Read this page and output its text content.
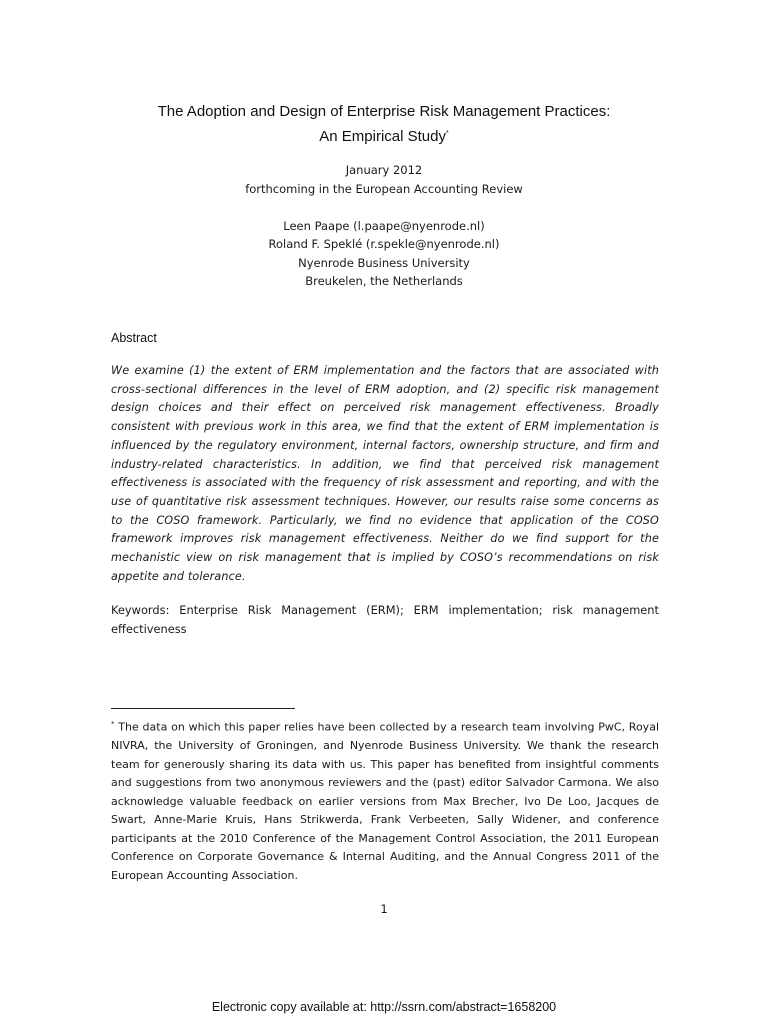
The Adoption and Design of Enterprise Risk Management Practices:
An Empirical Study*
January 2012
forthcoming in the European Accounting Review
Leen Paape (l.paape@nyenrode.nl)
Roland F. Speklé (r.spekle@nyenrode.nl)
Nyenrode Business University
Breukelen, the Netherlands
Abstract
We examine (1) the extent of ERM implementation and the factors that are associated with cross-sectional differences in the level of ERM adoption, and (2) specific risk management design choices and their effect on perceived risk management effectiveness. Broadly consistent with previous work in this area, we find that the extent of ERM implementation is influenced by the regulatory environment, internal factors, ownership structure, and firm and industry-related characteristics. In addition, we find that perceived risk management effectiveness is associated with the frequency of risk assessment and reporting, and with the use of quantitative risk assessment techniques. However, our results raise some concerns as to the COSO framework. Particularly, we find no evidence that application of the COSO framework improves risk management effectiveness. Neither do we find support for the mechanistic view on risk management that is implied by COSO’s recommendations on risk appetite and tolerance.
Keywords: Enterprise Risk Management (ERM); ERM implementation; risk management effectiveness
* The data on which this paper relies have been collected by a research team involving PwC, Royal NIVRA, the University of Groningen, and Nyenrode Business University. We thank the research team for generously sharing its data with us. This paper has benefited from insightful comments and suggestions from two anonymous reviewers and the (past) editor Salvador Carmona. We also acknowledge valuable feedback on earlier versions from Max Brecher, Ivo De Loo, Jacques de Swart, Anne-Marie Kruis, Hans Strikwerda, Frank Verbeeten, Sally Widener, and conference participants at the 2010 Conference of the Management Control Association, the 2011 European Conference on Corporate Governance & Internal Auditing, and the Annual Congress 2011 of the European Accounting Association.
1
Electronic copy available at: http://ssrn.com/abstract=1658200
